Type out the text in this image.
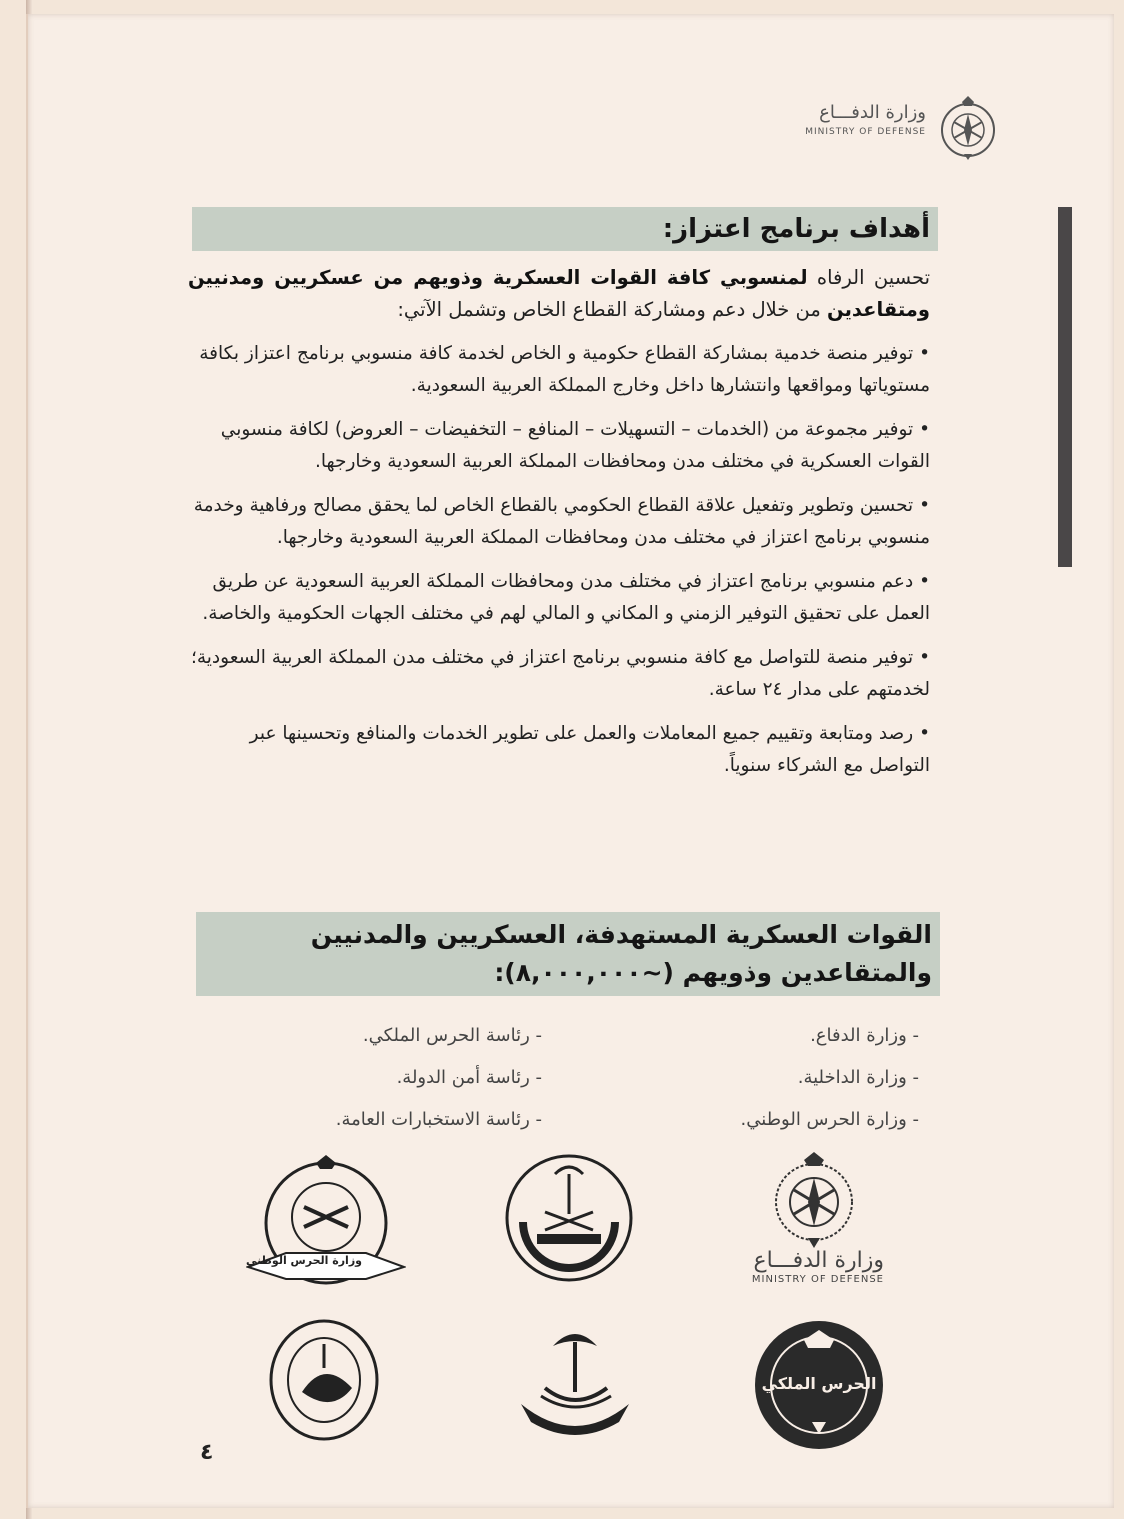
وزارة الدفـــاع
MINISTRY OF DEFENSE
أهداف برنامج اعتزاز:
تحسين الرفاه لمنسوبي كافة القوات العسكرية وذويهم من عسكريين ومدنيين ومتقاعدين من خلال دعم ومشاركة القطاع الخاص وتشمل الآتي:
• توفير منصة خدمية بمشاركة القطاع حكومية و الخاص لخدمة كافة منسوبي برنامج اعتزاز بكافة مستوياتها ومواقعها وانتشارها داخل وخارج المملكة العربية السعودية.
• توفير مجموعة من (الخدمات – التسهيلات – المنافع – التخفيضات – العروض) لكافة منسوبي القوات العسكرية في مختلف مدن ومحافظات المملكة العربية السعودية وخارجها.
• تحسين وتطوير وتفعيل علاقة القطاع الحكومي بالقطاع الخاص لما يحقق مصالح ورفاهية وخدمة منسوبي برنامج اعتزاز في مختلف مدن ومحافظات المملكة العربية السعودية وخارجها.
• دعم منسوبي برنامج اعتزاز في مختلف مدن ومحافظات المملكة العربية السعودية عن طريق العمل على تحقيق التوفير الزمني و المكاني و المالي لهم في مختلف الجهات الحكومية والخاصة.
• توفير منصة للتواصل مع كافة منسوبي برنامج اعتزاز في مختلف مدن المملكة العربية السعودية؛ لخدمتهم على مدار ٢٤ ساعة.
• رصد ومتابعة وتقييم جميع المعاملات والعمل على تطوير الخدمات والمنافع وتحسينها عبر التواصل مع الشركاء سنوياً.
القوات العسكرية المستهدفة، العسكريين والمدنيين
والمتقاعدين وذويهم (~٨,٠٠٠,٠٠٠):
- وزارة الدفاع.
- وزارة الداخلية.
- وزارة الحرس الوطني.
- رئاسة الحرس الملكي.
- رئاسة أمن الدولة.
- رئاسة الاستخبارات العامة.
وزارة الدفـــاع
MINISTRY OF DEFENSE
وزارة الحرس الوطني
الحرس الملكي
٤
